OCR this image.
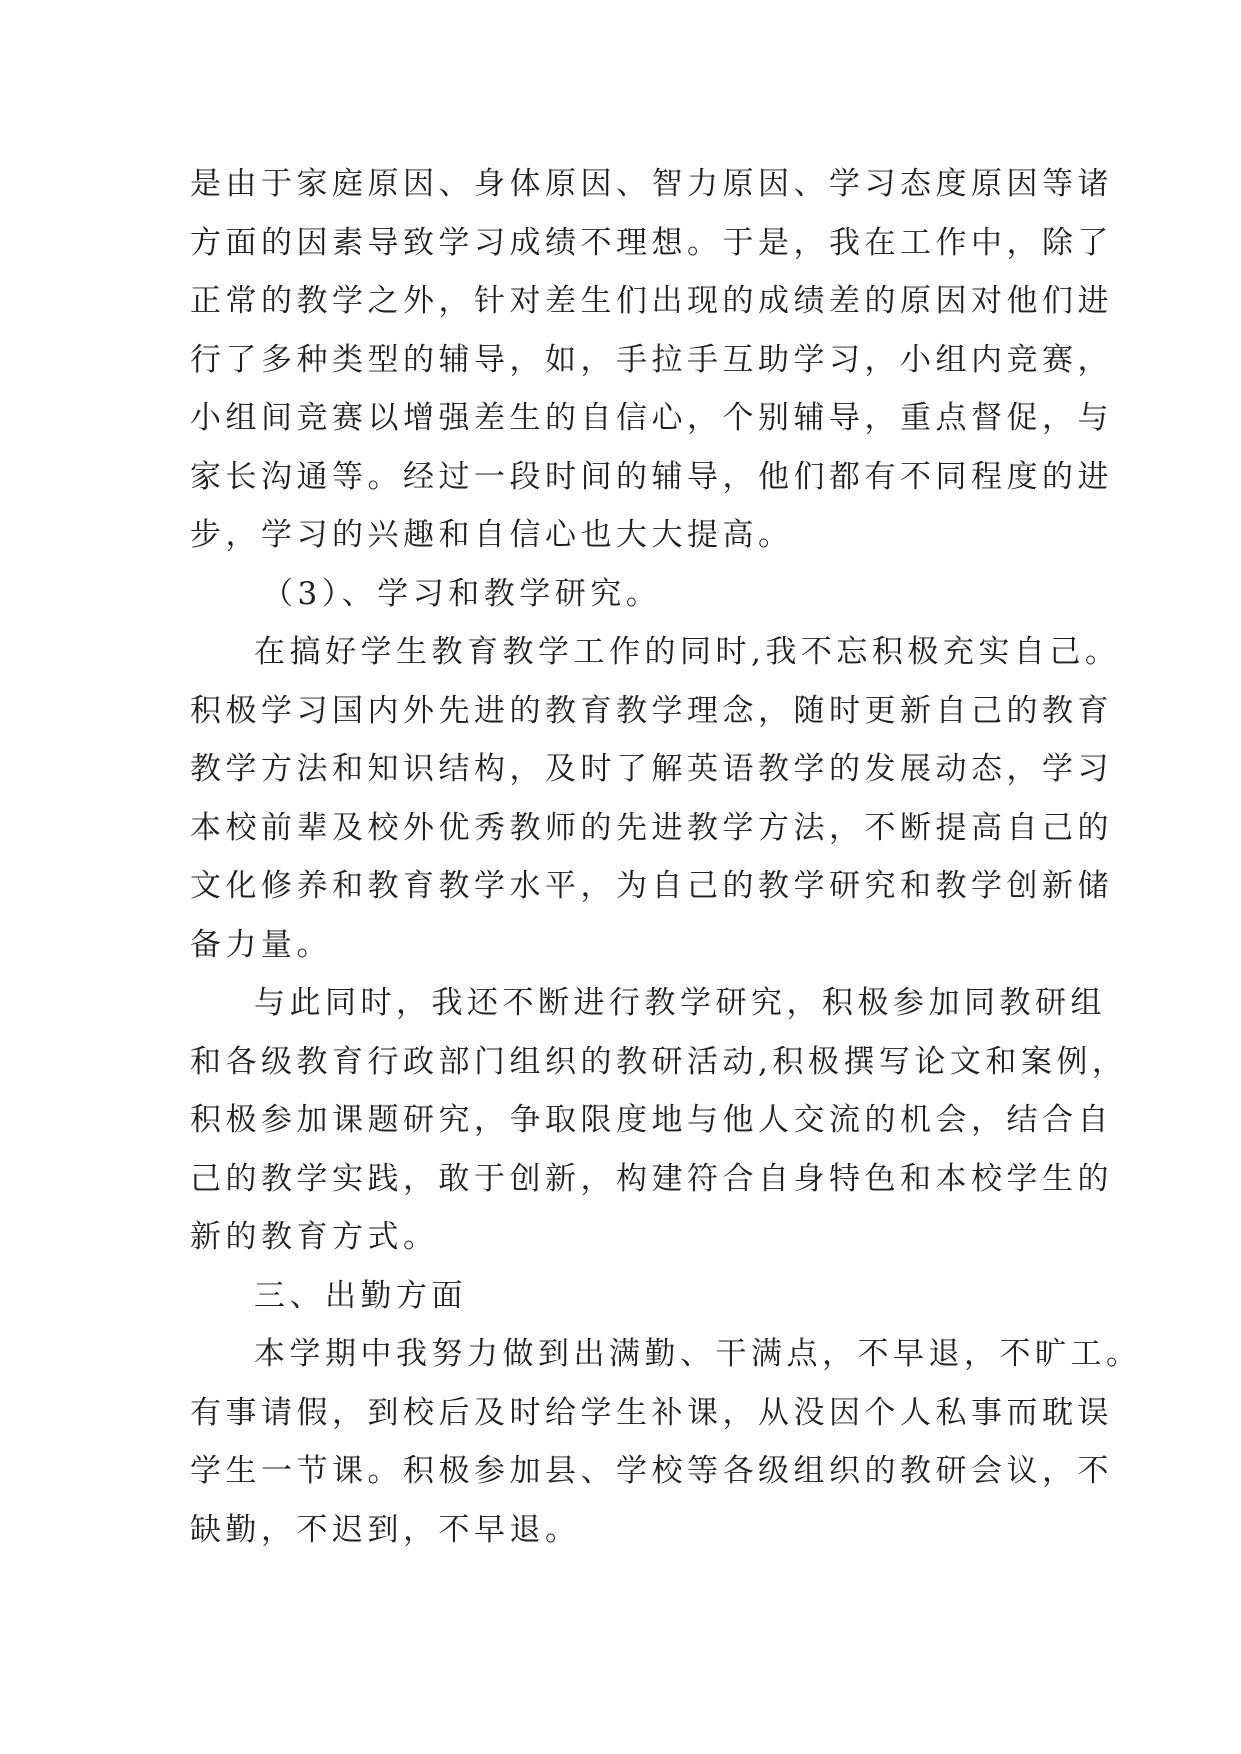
是由于家庭原因、身体原因、智力原因、学习态度原因等诸
方面的因素导致学习成绩不理想。于是，我在工作中，除了
正常的教学之外，针对差生们出现的成绩差的原因对他们进
行了多种类型的辅导，如，手拉手互助学习，小组内竞赛，
小组间竞赛以增强差生的自信心，个别辅导，重点督促，与
家长沟通等。经过一段时间的辅导，他们都有不同程度的进
步，学习的兴趣和自信心也大大提高。
（3）、学习和教学研究。
在搞好学生教育教学工作的同时,我不忘积极充实自己。
积极学习国内外先进的教育教学理念，随时更新自己的教育
教学方法和知识结构，及时了解英语教学的发展动态，学习
本校前辈及校外优秀教师的先进教学方法，不断提高自己的
文化修养和教育教学水平，为自己的教学研究和教学创新储
备力量。
与此同时，我还不断进行教学研究，积极参加同教研组
和各级教育行政部门组织的教研活动,积极撰写论文和案例，
积极参加课题研究，争取限度地与他人交流的机会，结合自
己的教学实践，敢于创新，构建符合自身特色和本校学生的
新的教育方式。
三、出勤方面
本学期中我努力做到出满勤、干满点，不早退，不旷工。
有事请假，到校后及时给学生补课，从没因个人私事而耽误
学生一节课。积极参加县、学校等各级组织的教研会议，不
缺勤，不迟到，不早退。
